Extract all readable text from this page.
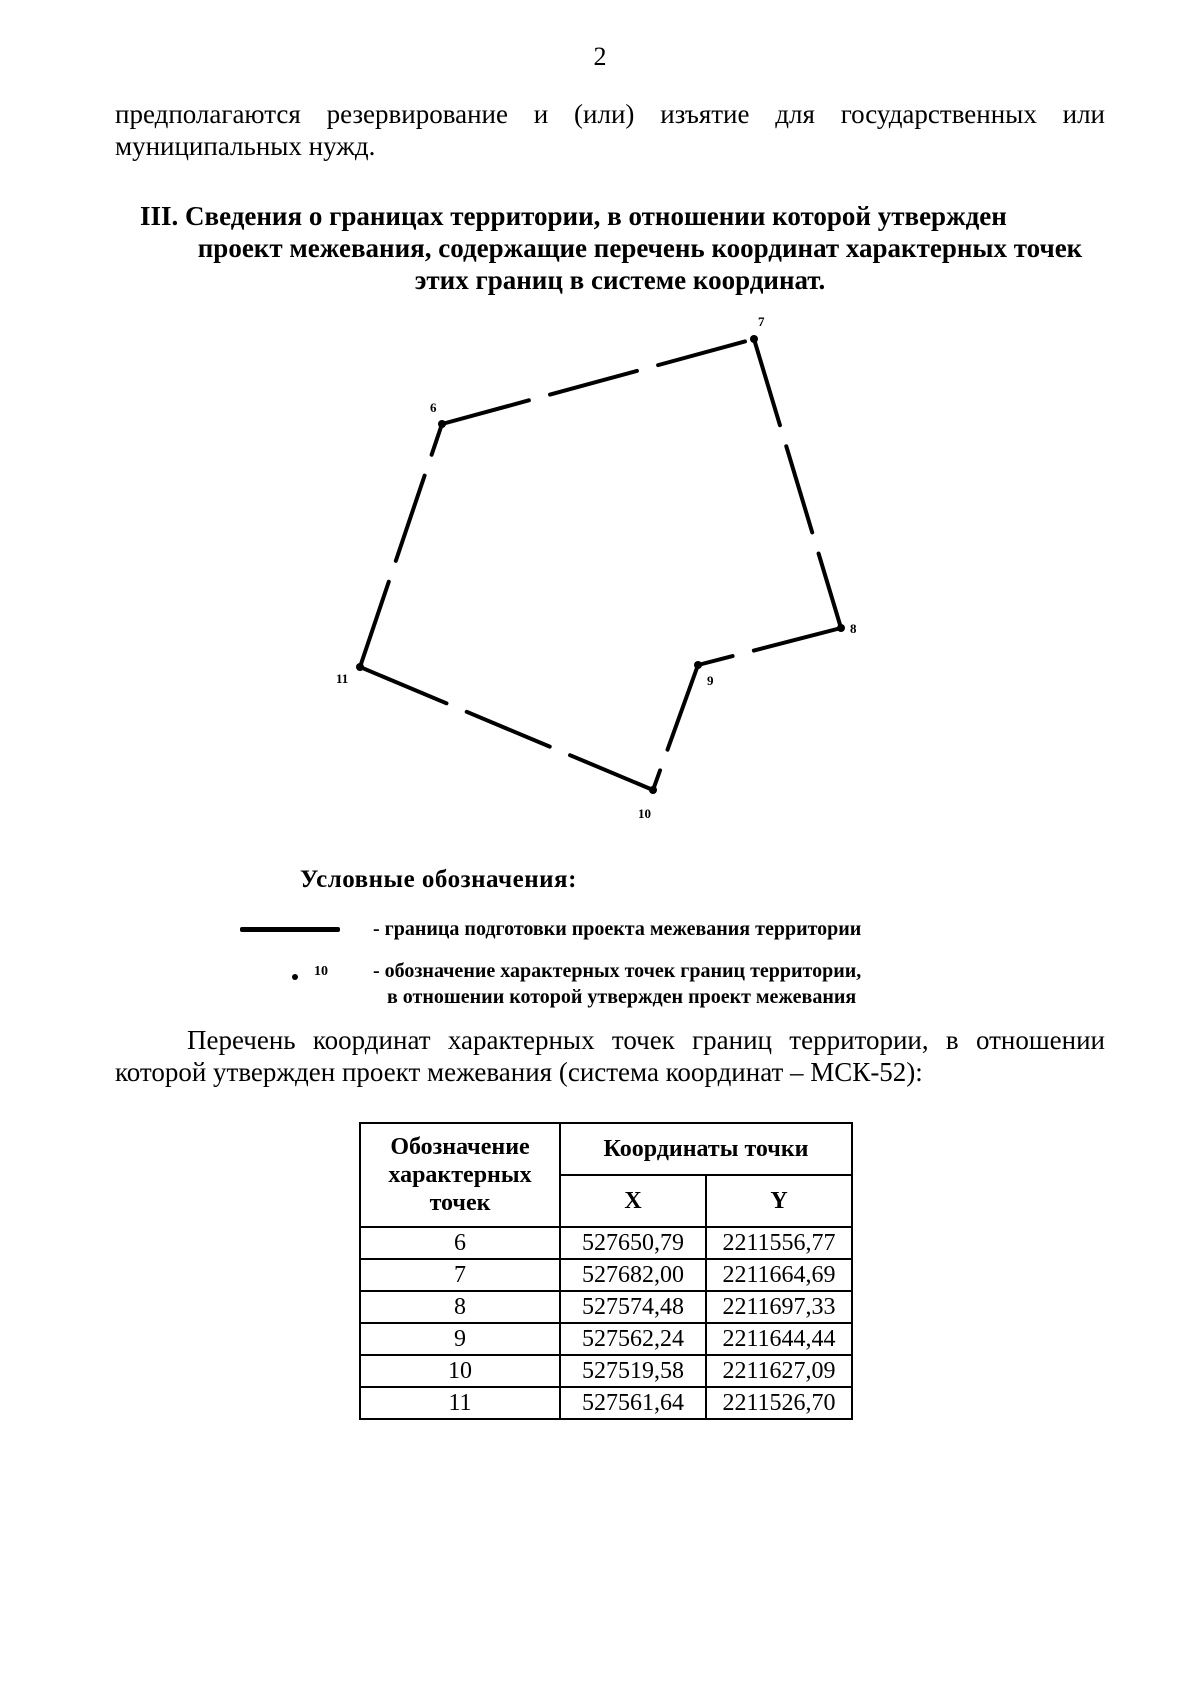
2

предполагаются резервирование и (или) изъятие для государственных или муниципальных нужд.

III. Сведения о границах территории, в отношении которой утвержден
проект межевания, содержащие перечень координат характерных точек
этих границ в системе координат.
6
7
8
9
10
11
Условные обозначения:
- граница подготовки проекта межевания территории
10 - обозначение характерных точек границ территории,
в отношении которой утвержден проект межевания

Перечень координат характерных точек границ территории, в отношении которой утвержден проект межевания (система координат – МСК-52):

Обозначение характерных точек	Координаты точки	
	X	Y
6	527650,79	2211556,77
7	527682,00	2211664,69
8	527574,48	2211697,33
9	527562,24	2211644,44
10	527519,58	2211627,09
11	527561,64	2211526,70
